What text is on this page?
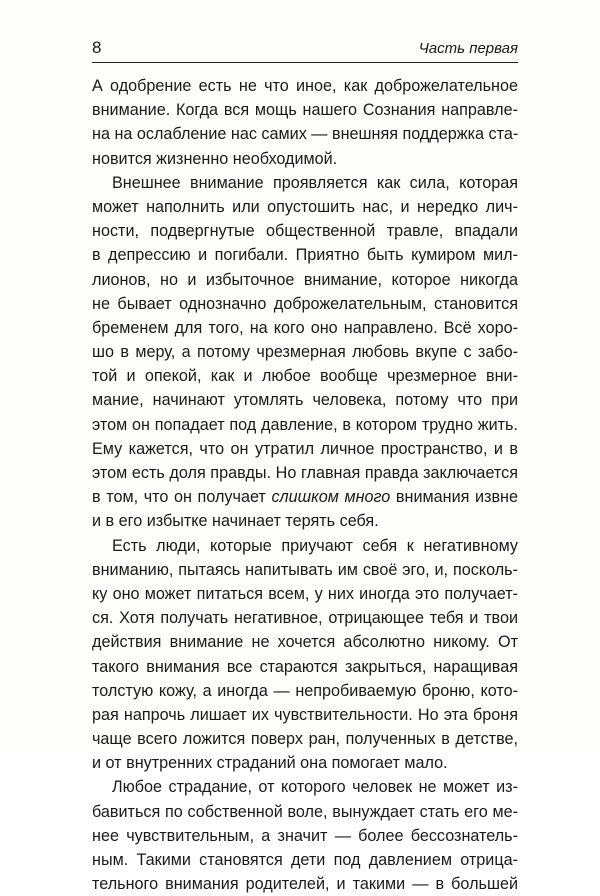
8	Часть первая
А одобрение есть не что иное, как доброжелательное
внимание. Когда вся мощь нашего Сознания направле-
на на ослабление нас самих — внешняя поддержка ста-
новится жизненно необходимой.
Внешнее внимание проявляется как сила, которая
может наполнить или опустошить нас, и нередко лич-
ности, подвергнутые общественной травле, впадали
в депрессию и погибали. Приятно быть кумиром мил-
лионов, но и избыточное внимание, которое никогда
не бывает однозначно доброжелательным, становится
бременем для того, на кого оно направлено. Всё хоро-
шо в меру, а потому чрезмерная любовь вкупе с забо-
той и опекой, как и любое вообще чрезмерное вни-
мание, начинают утомлять человека, потому что при
этом он попадает под давление, в котором трудно жить.
Ему кажется, что он утратил личное пространство, и в
этом есть доля правды. Но главная правда заключается
в том, что он получает слишком много внимания извне
и в его избытке начинает терять себя.
Есть люди, которые приучают себя к негативному
вниманию, пытаясь напитывать им своё эго, и, посколь-
ку оно может питаться всем, у них иногда это получает-
ся. Хотя получать негативное, отрицающее тебя и твои
действия внимание не хочется абсолютно никому. От
такого внимания все стараются закрыться, наращивая
толстую кожу, а иногда — непробиваемую броню, кото-
рая напрочь лишает их чувствительности. Но эта броня
чаще всего ложится поверх ран, полученных в детстве,
и от внутренних страданий она помогает мало.
Любое страдание, от которого человек не может из-
бавиться по собственной воле, вынуждает стать его ме-
нее чувствительным, а значит — более бессознатель-
ным. Такими становятся дети под давлением отрица-
тельного внимания родителей, и такими — в большей
